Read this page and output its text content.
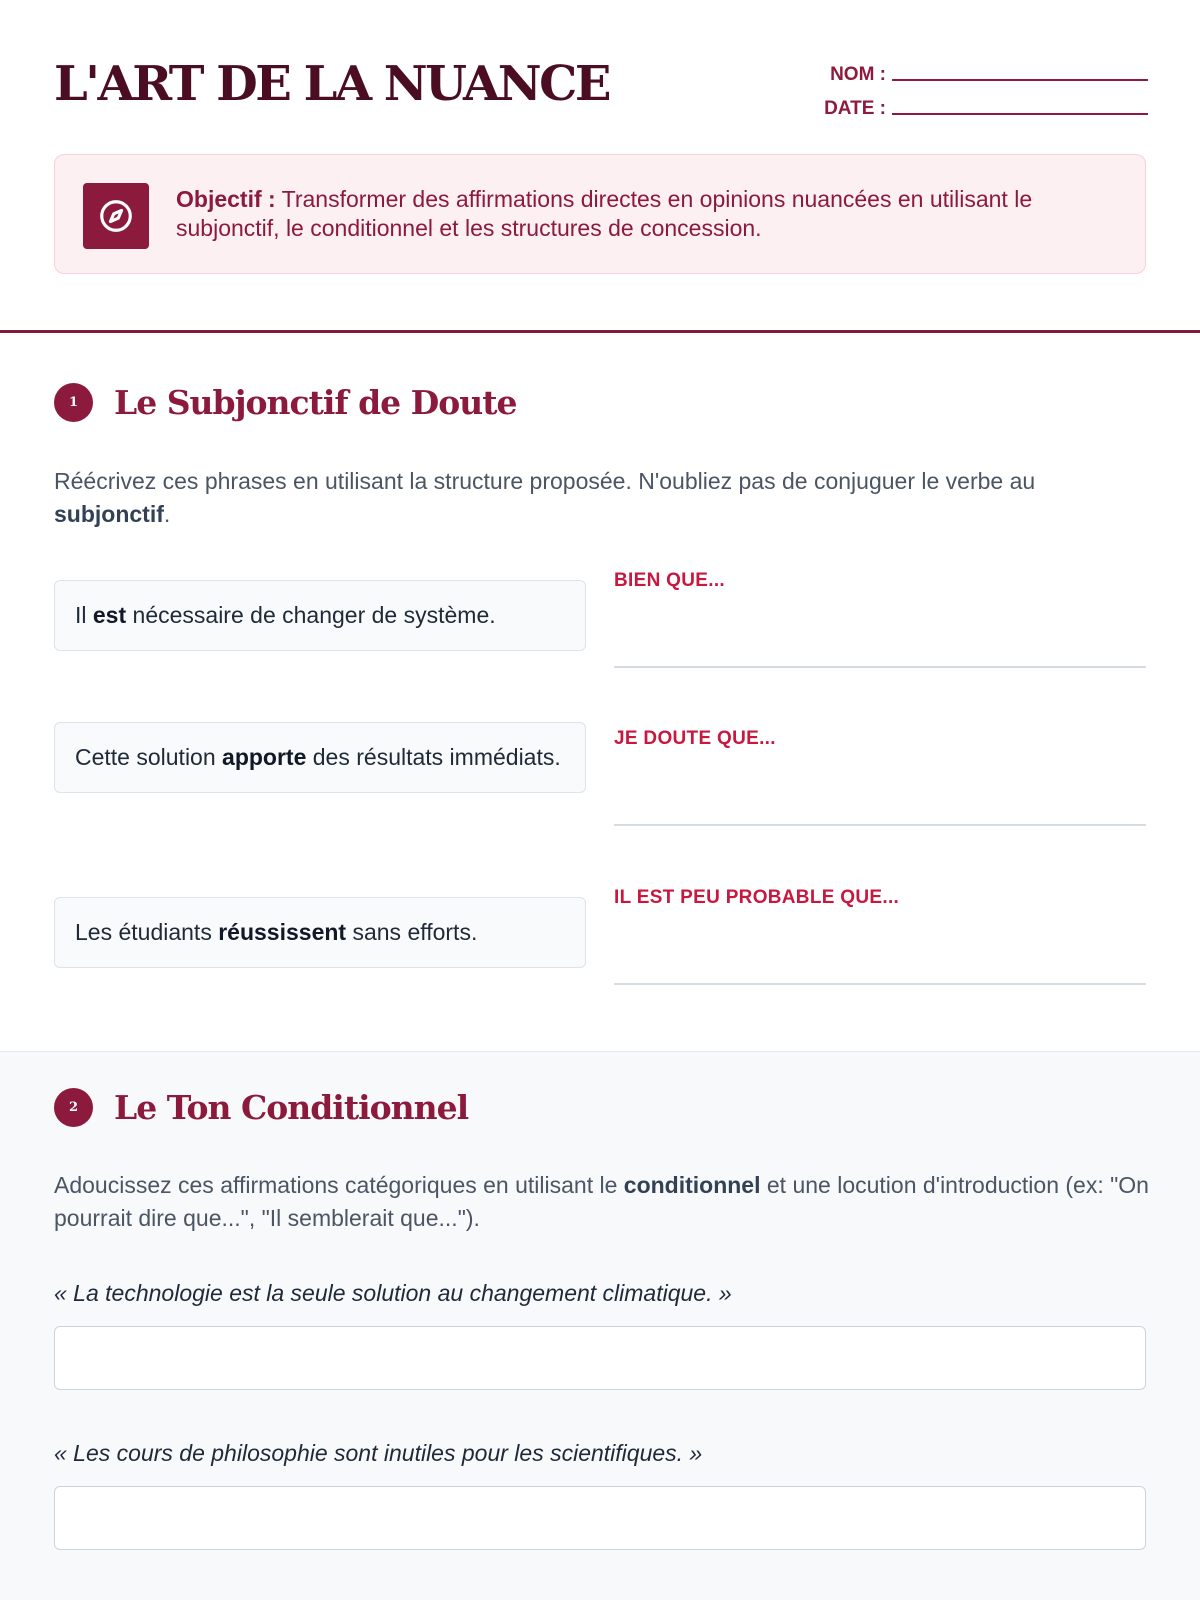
L'ART DE LA NUANCE	NOM :
DATE :
Objectif : Transformer des affirmations directes en opinions nuancées en utilisant le subjonctif, le conditionnel et les structures de concession.
1	Le Subjonctif de Doute
Réécrivez ces phrases en utilisant la structure proposée. N'oubliez pas de conjuguer le verbe au subjonctif.
Il est nécessaire de changer de système.
BIEN QUE...
Cette solution apporte des résultats immédiats.
JE DOUTE QUE...
Les étudiants réussissent sans efforts.
IL EST PEU PROBABLE QUE...
2	Le Ton Conditionnel
Adoucissez ces affirmations catégoriques en utilisant le conditionnel et une locution d'introduction (ex: "On pourrait dire que...", "Il semblerait que...").
« La technologie est la seule solution au changement climatique. »
« Les cours de philosophie sont inutiles pour les scientifiques. »
